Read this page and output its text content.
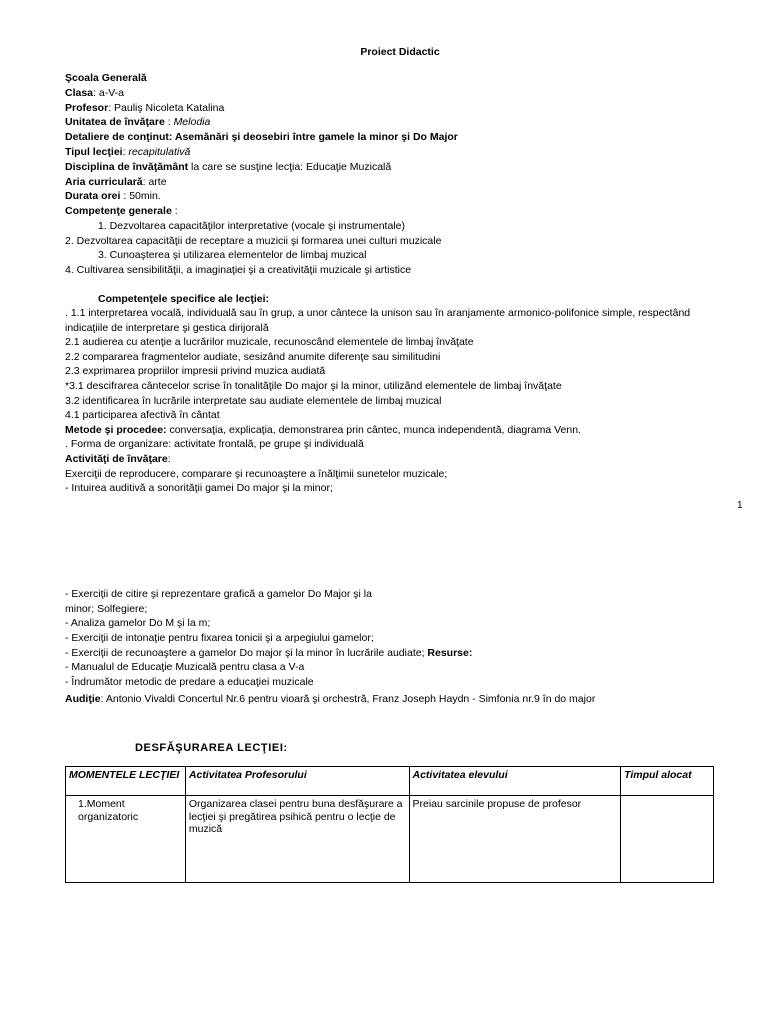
Proiect Didactic
Şcoala Generală
Clasa: a-V-a
Profesor: Pauliş Nicoleta Katalina
Unitatea de învăţare : Melodia
Detaliere de conţinut: Asemănări şi deosebiri între gamele la minor şi Do Major
Tipul lecţiei: recapitulativă
Disciplina de învăţământ la care se susţine lecţia: Educaţie Muzicală
Aria curriculară: arte
Durata orei : 50min.
Competenţe generale :
1. Dezvoltarea capacităţilor interpretative (vocale şi instrumentale)
2. Dezvoltarea capacităţii de receptare a muzicii şi formarea unei culturi muzicale
3. Cunoaşterea şi utilizarea elementelor de limbaj muzical
4. Cultivarea sensibilităţii, a imaginaţiei şi a creativităţii muzicale şi artistice
Competenţele specifice ale lecţiei:
. 1.1 interpretarea vocală, individuală sau în grup, a unor cântece la unison sau în aranjamente armonico-polifonice simple, respectând
indicaţiile de interpretare şi gestica dirijorală
2.1 audierea cu atenţie a lucrărilor muzicale, recunoscând elementele de limbaj învăţate
2.2 compararea fragmentelor audiate, sesizând anumite diferenţe sau similitudini
2.3 exprimarea propriilor impresii privind muzica audiată
*3.1 descifrarea cântecelor scrise în tonalităţile Do major şi la minor, utilizând elementele de limbaj învăţate
3.2 identificarea în lucrările interpretate sau audiate elementele de limbaj muzical
4.1 participarea afectivă în cântat
Metode şi procedee: conversaţia, explicaţia, demonstrarea prin cântec, munca independentă, diagrama Venn.
. Forma de organizare: activitate frontală, pe grupe şi individuală
Activităţi de învăţare:
Exerciţii de reproducere, comparare şi recunoaştere a înălţimii sunetelor muzicale;
- Intuirea auditivă a sonorităţii gamei Do major şi la minor;
1
- Exerciţii de citire şi reprezentare grafică a gamelor Do Major şi la
minor; Solfegiere;
- Analiza gamelor Do M şi la m;
- Exerciţii de intonaţie pentru fixarea tonicii şi a arpegiului gamelor;
- Exerciţii de recunoaştere a gamelor Do major şi la minor în lucrările audiate; Resurse:
- Manualul de Educaţie Muzicală pentru clasa a V-a
- Îndrumător metodic de predare a educaţiei muzicale
Audiţie: Antonio Vivaldi Concertul Nr.6 pentru vioară şi orchestră, Franz Joseph Haydn - Simfonia nr.9 în do major
DESFĂŞURAREA LECŢIEI:
MOMENTELE LECŢIEI	Activitatea Profesorului	Activitatea elevului	Timpul alocat
1.Moment organizatoric	Organizarea clasei pentru buna desfăşurare a lecţiei şi pregătirea psihică pentru o lecţie de muzică	Preiau sarcinile propuse de profesor	
